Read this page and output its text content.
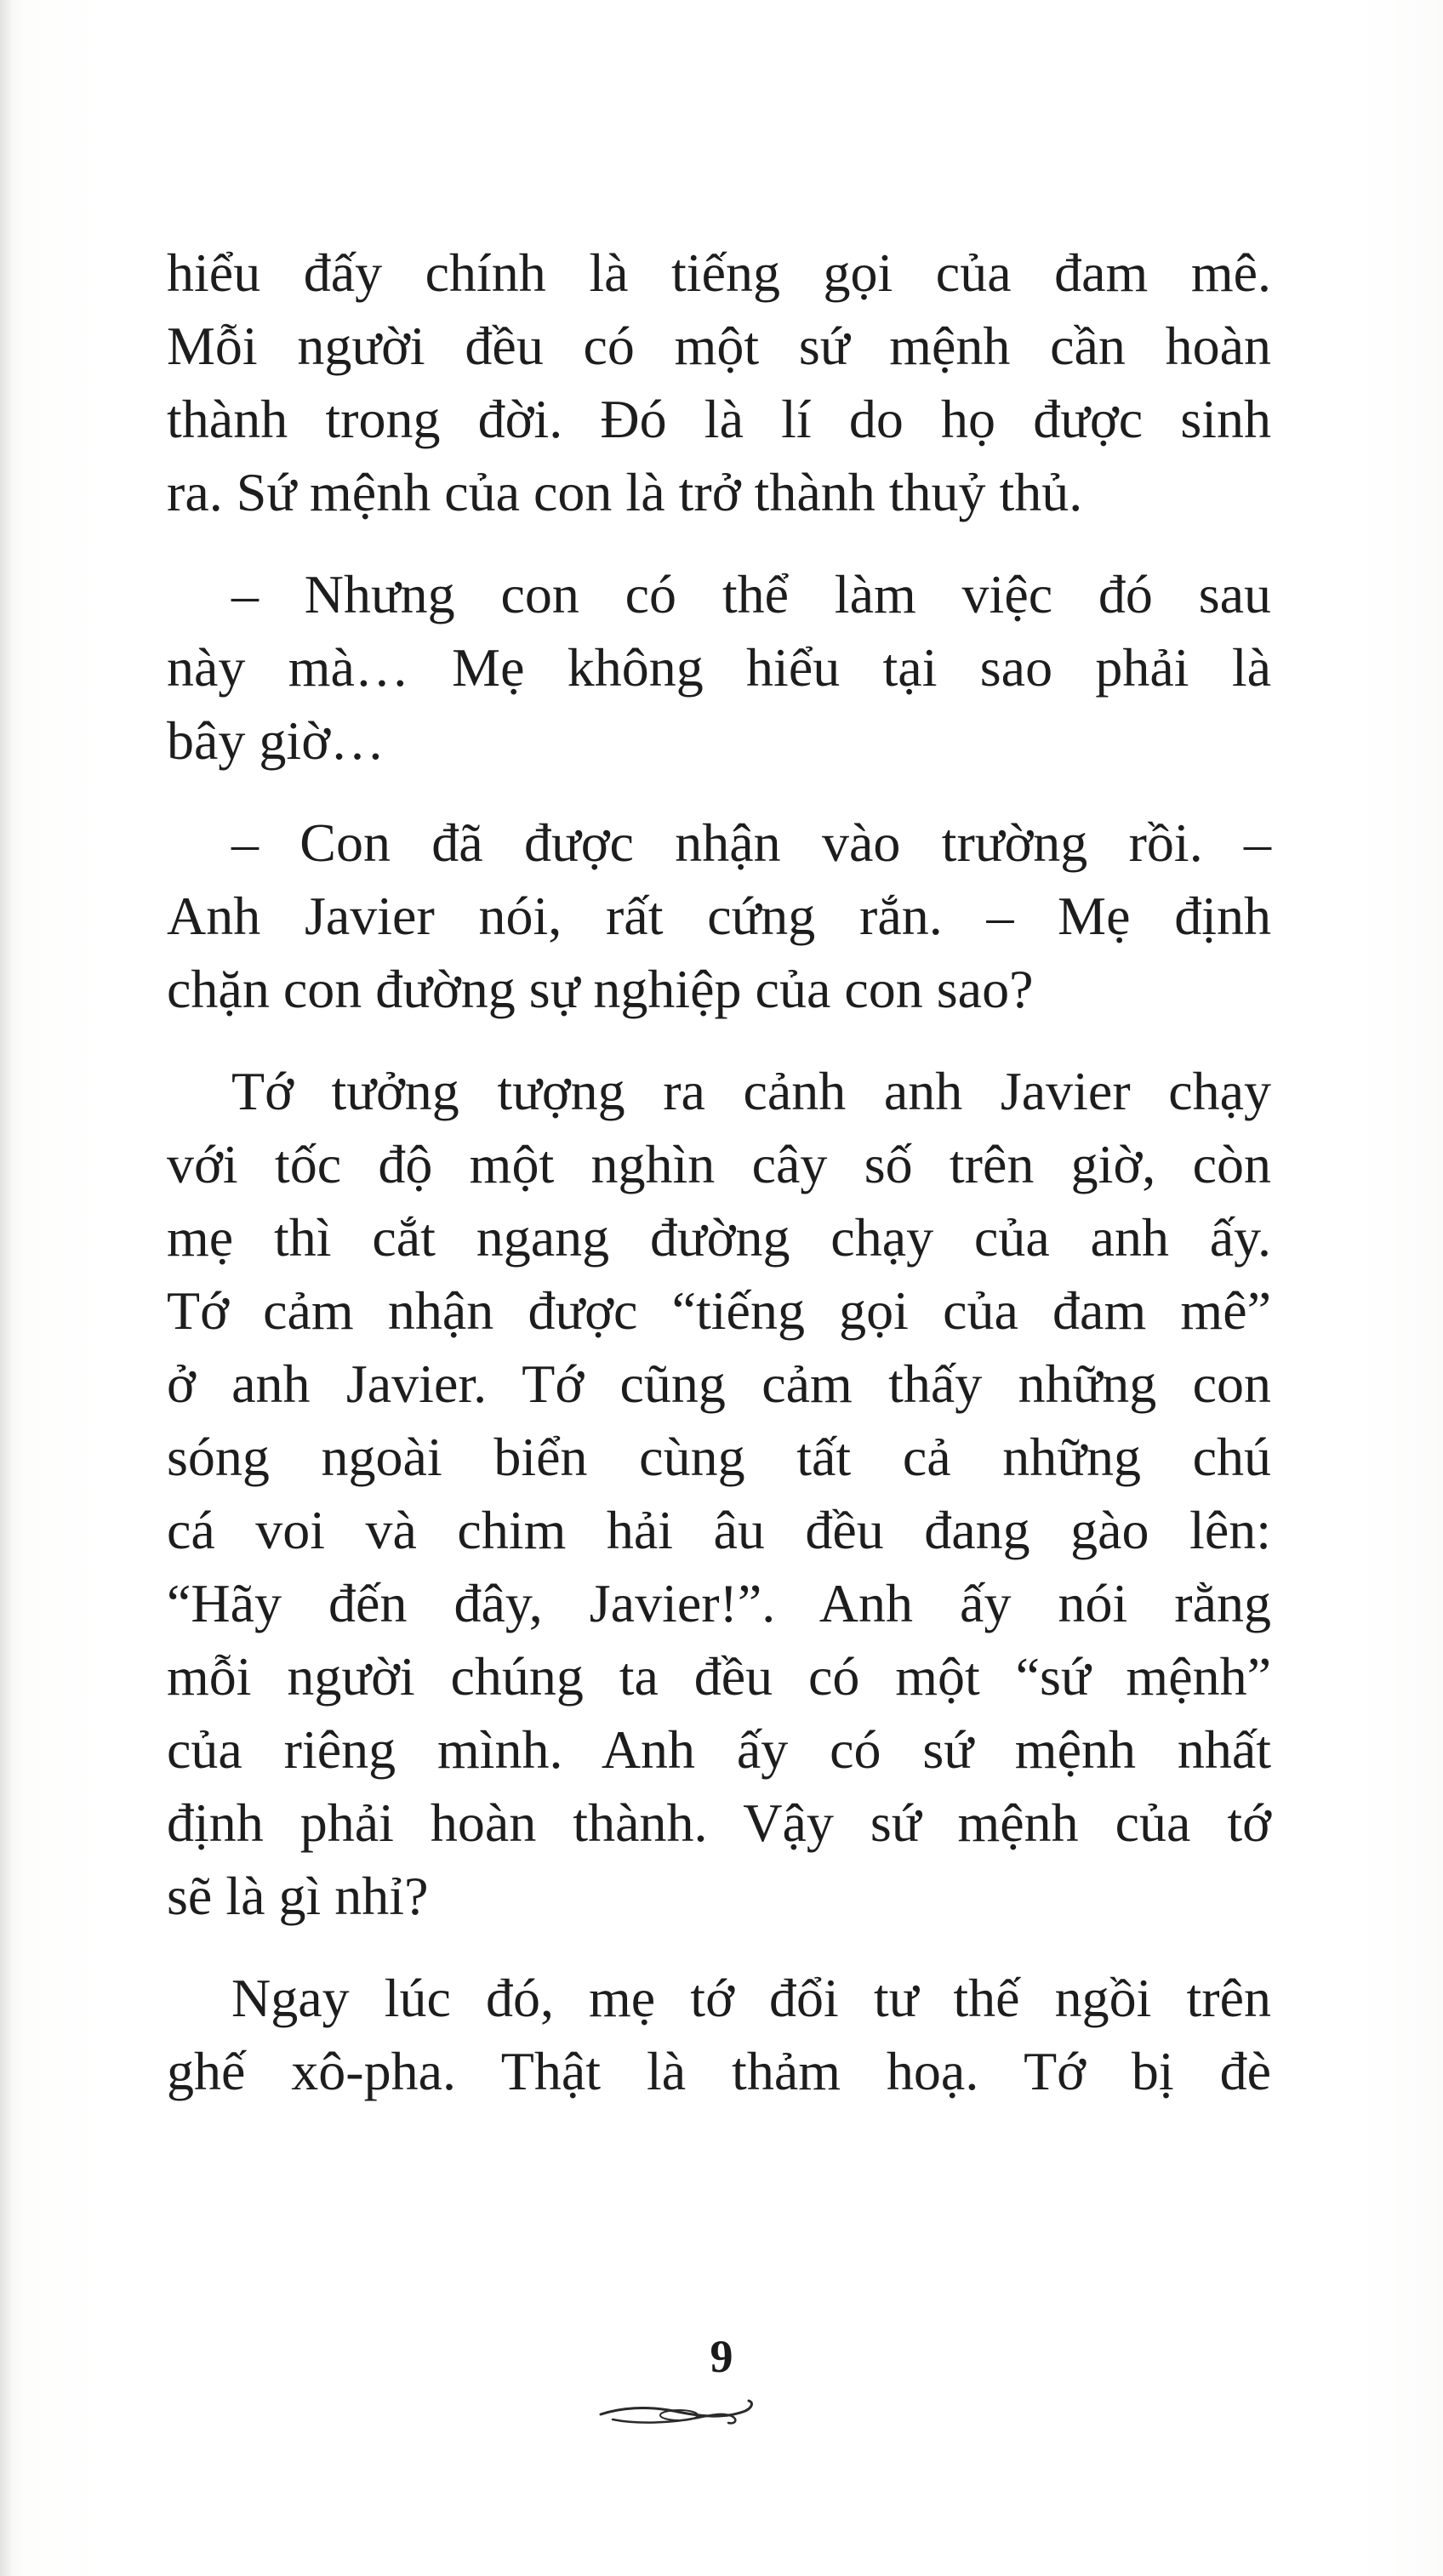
hiểu đấy chính là tiếng gọi của đam mê.
Mỗi người đều có một sứ mệnh cần hoàn
thành trong đời. Đó là lí do họ được sinh
ra. Sứ mệnh của con là trở thành thuỷ thủ.

– Nhưng con có thể làm việc đó sau
này mà… Mẹ không hiểu tại sao phải là
bây giờ…

– Con đã được nhận vào trường rồi. –
Anh Javier nói, rất cứng rắn. – Mẹ định
chặn con đường sự nghiệp của con sao?

Tớ tưởng tượng ra cảnh anh Javier chạy
với tốc độ một nghìn cây số trên giờ, còn
mẹ thì cắt ngang đường chạy của anh ấy.
Tớ cảm nhận được “tiếng gọi của đam mê”
ở anh Javier. Tớ cũng cảm thấy những con
sóng ngoài biển cùng tất cả những chú
cá voi và chim hải âu đều đang gào lên:
“Hãy đến đây, Javier!”. Anh ấy nói rằng
mỗi người chúng ta đều có một “sứ mệnh”
của riêng mình. Anh ấy có sứ mệnh nhất
định phải hoàn thành. Vậy sứ mệnh của tớ
sẽ là gì nhỉ?

Ngay lúc đó, mẹ tớ đổi tư thế ngồi trên
ghế xô-pha. Thật là thảm hoạ. Tớ bị đè

9
